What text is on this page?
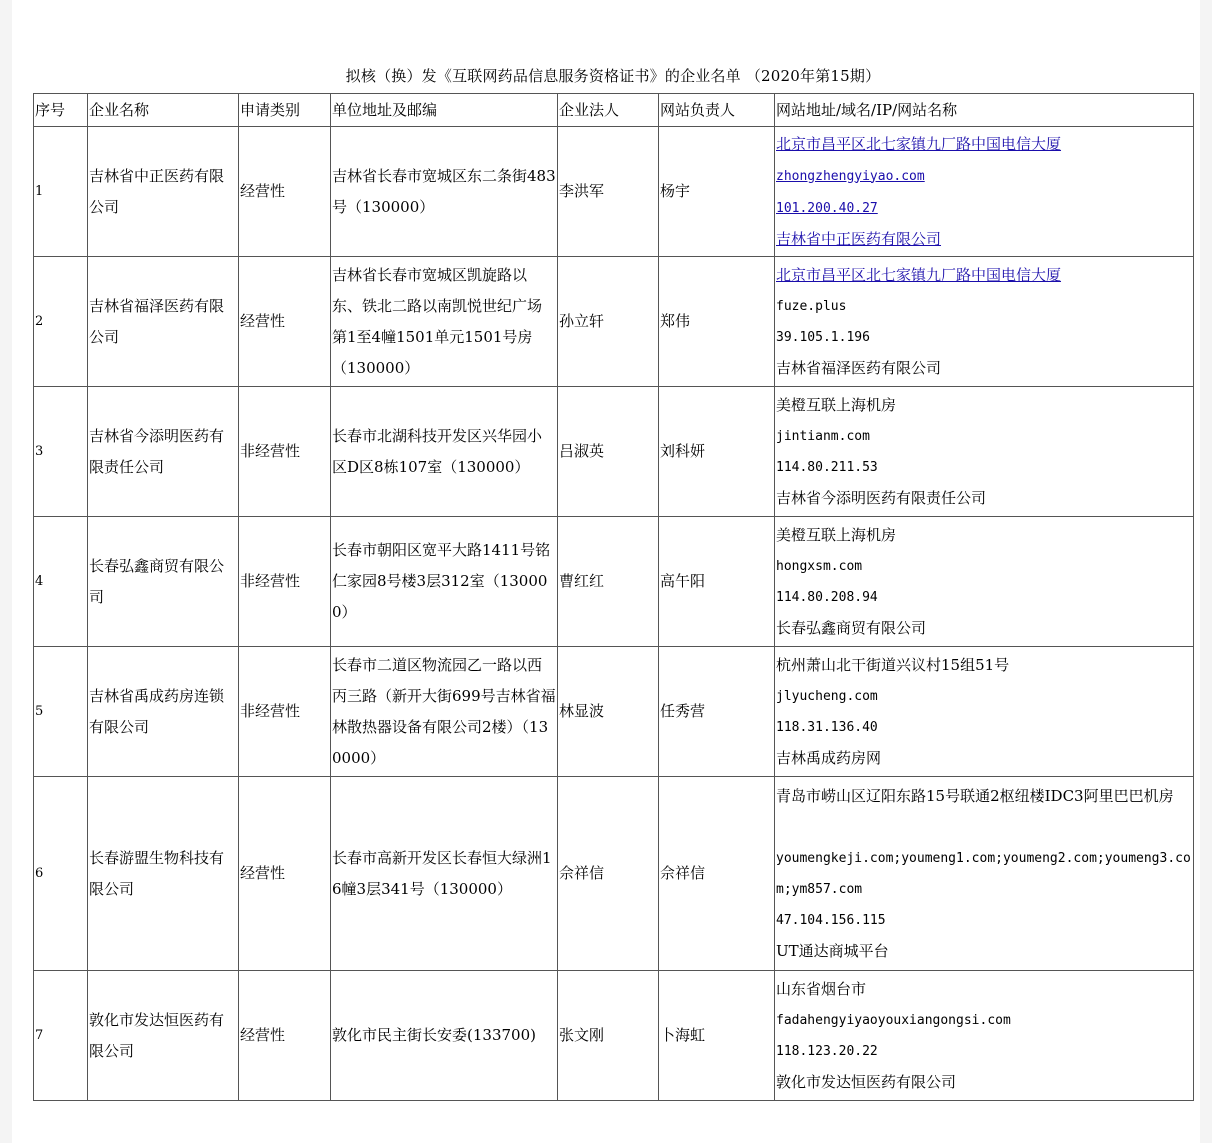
拟核（换）发《互联网药品信息服务资格证书》的企业名单 （2020年第15期）
序号	企业名称	申请类别	单位地址及邮编	企业法人	网站负责人	网站地址/域名/IP/网站名称
1	吉林省中正医药有限公司	经营性	吉林省长春市宽城区东二条街483号（130000）	李洪军	杨宇	北京市昌平区北七家镇九厂路中国电信大厦
zhongzhengyiyao.com
101.200.40.27
吉林省中正医药有限公司

2	吉林省福泽医药有限公司	经营性	吉林省长春市宽城区凯旋路以东、铁北二路以南凯悦世纪广场第1至4幢1501单元1501号房（130000）	孙立轩	郑伟	北京市昌平区北七家镇九厂路中国电信大厦
fuze.plus
39.105.1.196
吉林省福泽医药有限公司

3	吉林省今添明医药有限责任公司	非经营性	长春市北湖科技开发区兴华园小区D区8栋107室（130000）	吕淑英	刘科妍	美橙互联上海机房
jintianm.com
114.80.211.53
吉林省今添明医药有限责任公司

4	长春弘鑫商贸有限公司	非经营性	长春市朝阳区宽平大路1411号铭仁家园8号楼3层312室（130000）	曹红红	高午阳	美橙互联上海机房
hongxsm.com
114.80.208.94
长春弘鑫商贸有限公司

5	吉林省禹成药房连锁有限公司	非经营性	长春市二道区物流园乙一路以西丙三路（新开大街699号吉林省福林散热器设备有限公司2楼）（130000）	林显波	任秀营	杭州萧山北干街道兴议村15组51号
jlyucheng.com
118.31.136.40
吉林禹成药房网

6	长春游盟生物科技有限公司	经营性	长春市高新开发区长春恒大绿洲16幢3层341号（130000）	佘祥信	佘祥信	青岛市崂山区辽阳东路15号联通2枢纽楼IDC3阿里巴巴机房
youmengkeji.com;youmeng1.com;youmeng2.com;youmeng3.com;ym857.com
47.104.156.115
UT通达商城平台

7	敦化市发达恒医药有限公司	经营性	敦化市民主街长安委(133700)	张文刚	卜海虹	山东省烟台市
fadahengyiyaoyouxiangongsi.com
118.123.20.22
敦化市发达恒医药有限公司
